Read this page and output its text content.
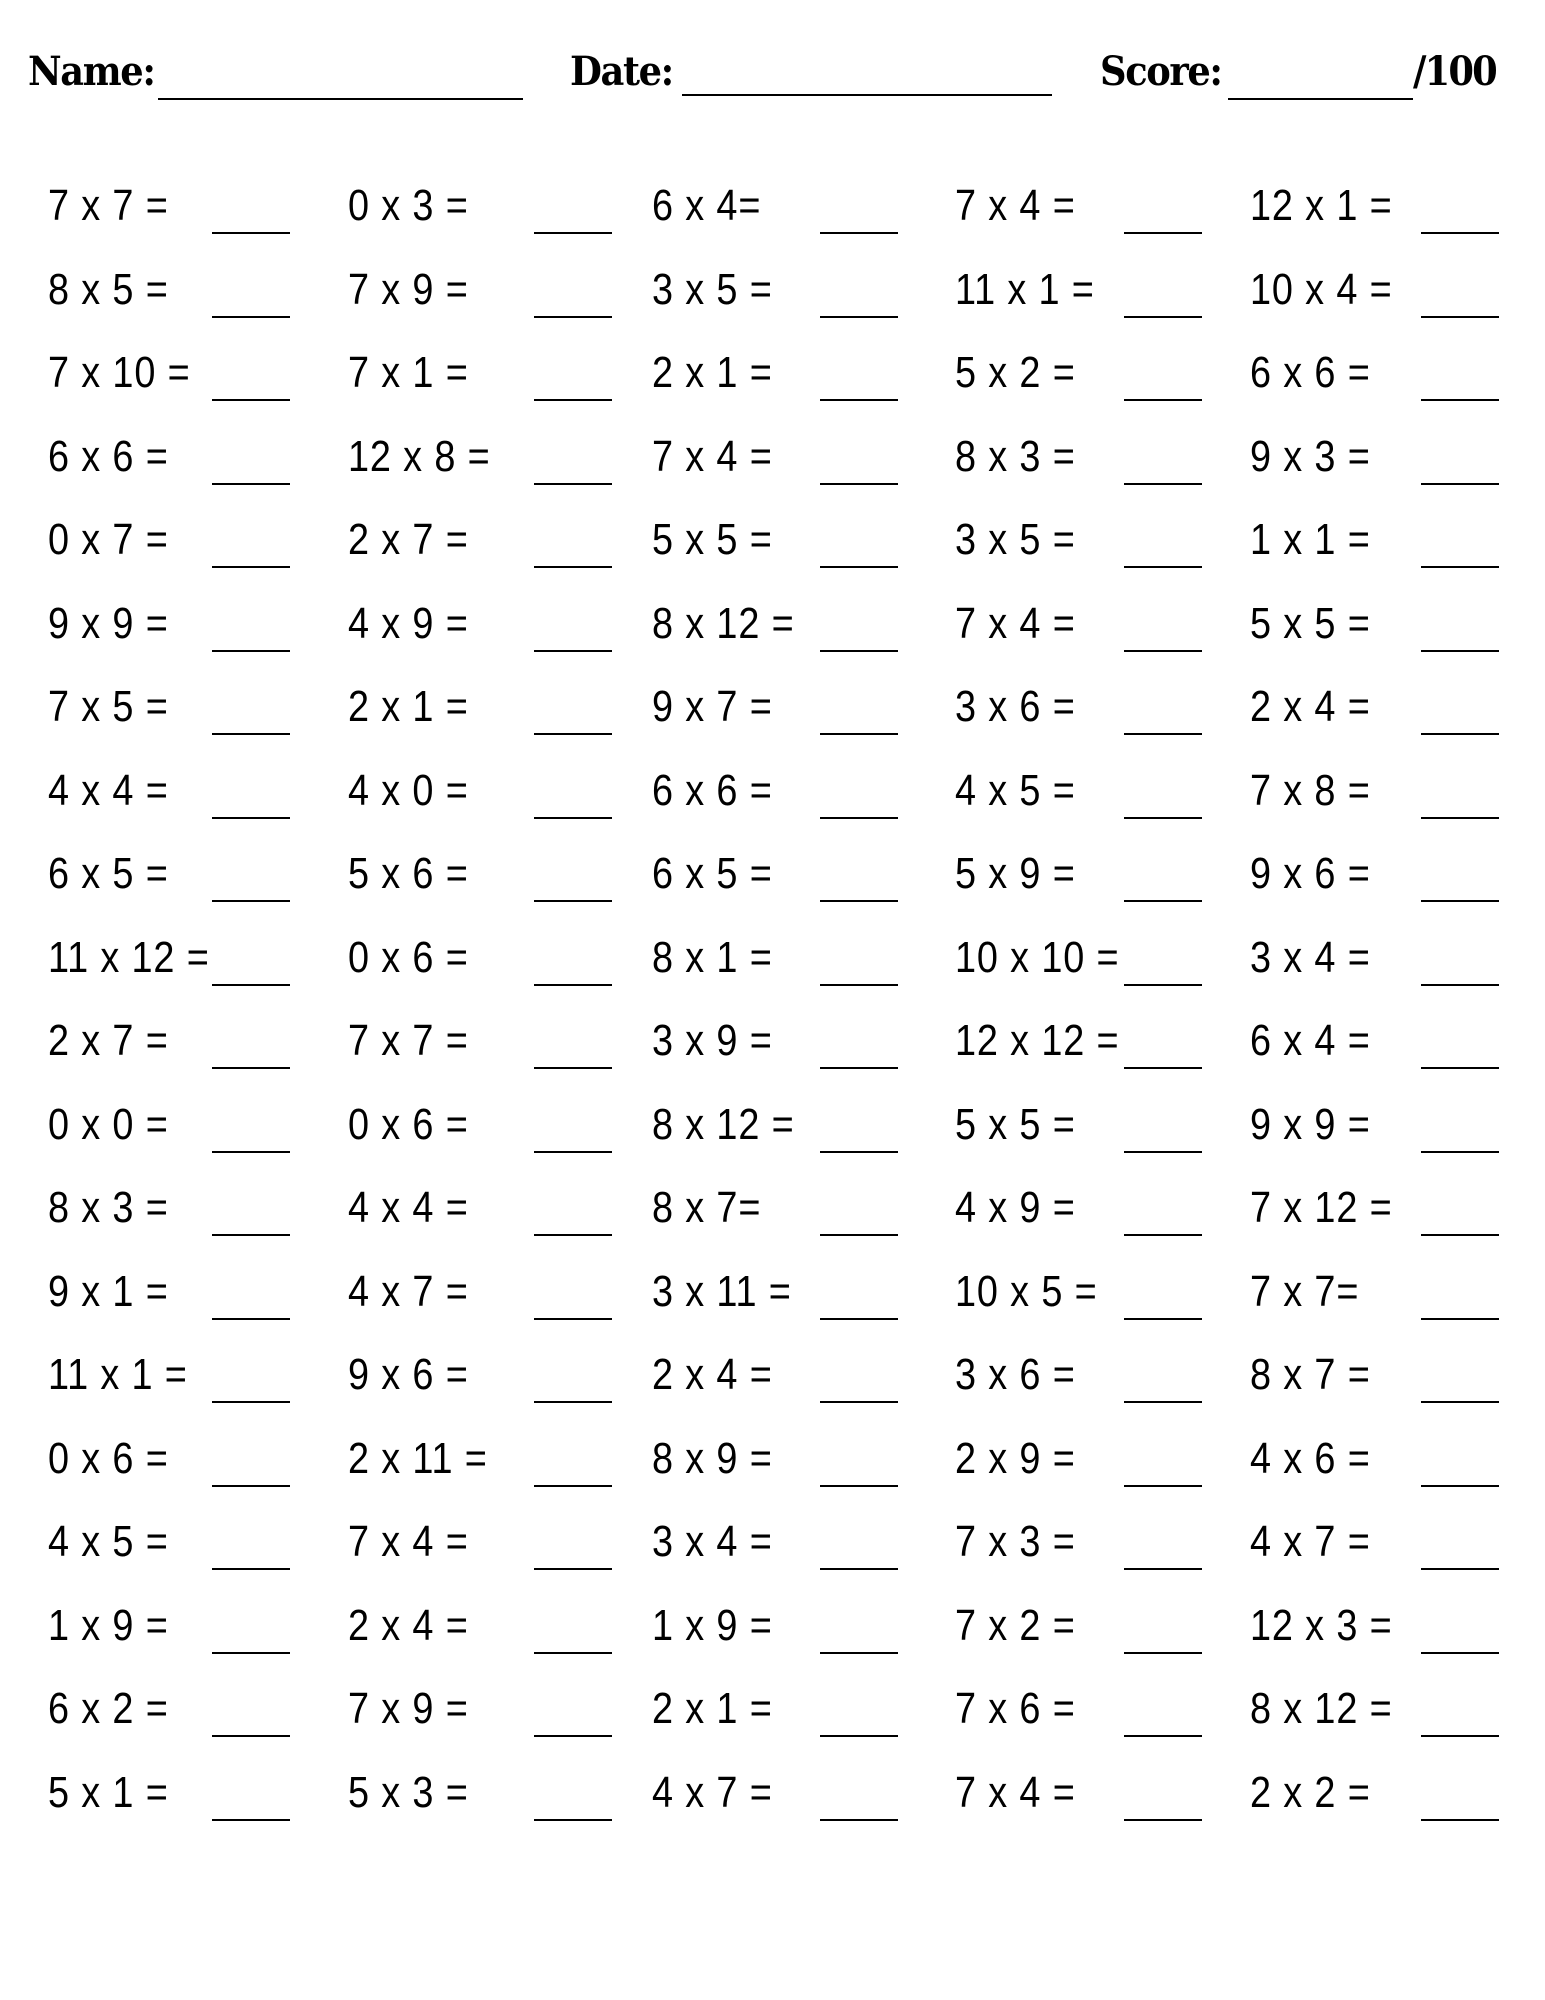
Name:	Date:	Score:	/100
7 x 7 =	0 x 3 =	6 x 4=	7 x 4 =	12 x 1 =
8 x 5 =	7 x 9 =	3 x 5 =	11 x 1 =	10 x 4 =
7 x 10 =	7 x 1 =	2 x 1 =	5 x 2 =	6 x 6 =
6 x 6 =	12 x 8 =	7 x 4 =	8 x 3 =	9 x 3 =
0 x 7 =	2 x 7 =	5 x 5 =	3 x 5 =	1 x 1 =
9 x 9 =	4 x 9 =	8 x 12 =	7 x 4 =	5 x 5 =
7 x 5 =	2 x 1 =	9 x 7 =	3 x 6 =	2 x 4 =
4 x 4 =	4 x 0 =	6 x 6 =	4 x 5 =	7 x 8 =
6 x 5 =	5 x 6 =	6 x 5 =	5 x 9 =	9 x 6 =
11 x 12 =	0 x 6 =	8 x 1 =	10 x 10 =	3 x 4 =
2 x 7 =	7 x 7 =	3 x 9 =	12 x 12 =	6 x 4 =
0 x 0 =	0 x 6 =	8 x 12 =	5 x 5 =	9 x 9 =
8 x 3 =	4 x 4 =	8 x 7=	4 x 9 =	7 x 12 =
9 x 1 =	4 x 7 =	3 x 11 =	10 x 5 =	7 x 7=
11 x 1 =	9 x 6 =	2 x 4 =	3 x 6 =	8 x 7 =
0 x 6 =	2 x 11 =	8 x 9 =	2 x 9 =	4 x 6 =
4 x 5 =	7 x 4 =	3 x 4 =	7 x 3 =	4 x 7 =
1 x 9 =	2 x 4 =	1 x 9 =	7 x 2 =	12 x 3 =
6 x 2 =	7 x 9 =	2 x 1 =	7 x 6 =	8 x 12 =
5 x 1 =	5 x 3 =	4 x 7 =	7 x 4 =	2 x 2 =
